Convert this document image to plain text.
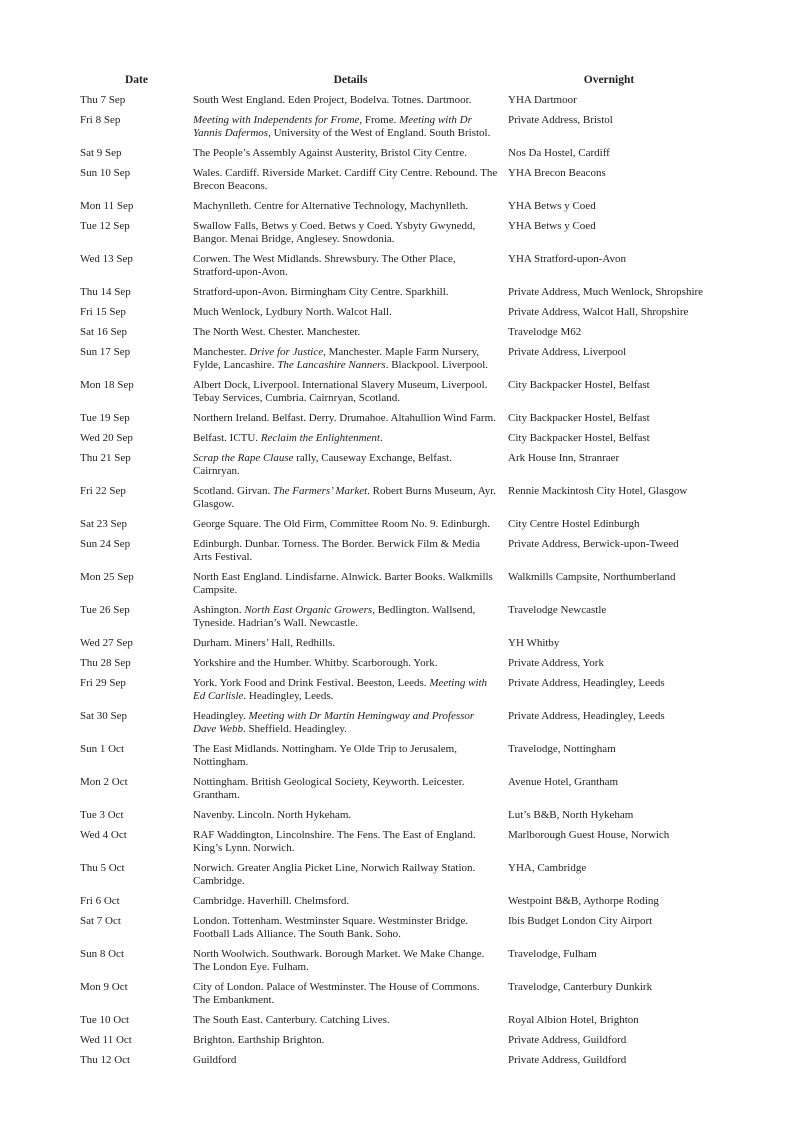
Date	Details	Overnight
Thu 7 Sep	South West England. Eden Project, Bodelva. Totnes. Dartmoor.	YHA Dartmoor
Fri 8 Sep	Meeting with Independents for Frome, Frome. Meeting with Dr Yannis Dafermos, University of the West of England. South Bristol.	Private Address, Bristol
Sat 9 Sep	The People’s Assembly Against Austerity, Bristol City Centre.	Nos Da Hostel, Cardiff
Sun 10 Sep	Wales. Cardiff. Riverside Market. Cardiff City Centre. Rebound. The Brecon Beacons.	YHA Brecon Beacons
Mon 11 Sep	Machynlleth. Centre for Alternative Technology, Machynlleth.	YHA Betws y Coed
Tue 12 Sep	Swallow Falls, Betws y Coed. Betws y Coed. Ysbyty Gwynedd, Bangor. Menai Bridge, Anglesey. Snowdonia.	YHA Betws y Coed
Wed 13 Sep	Corwen. The West Midlands. Shrewsbury. The Other Place, Stratford-upon-Avon.	YHA Stratford-upon-Avon
Thu 14 Sep	Stratford-upon-Avon. Birmingham City Centre. Sparkhill.	Private Address, Much Wenlock, Shropshire
Fri 15 Sep	Much Wenlock, Lydbury North. Walcot Hall.	Private Address, Walcot Hall, Shropshire
Sat 16 Sep	The North West. Chester. Manchester.	Travelodge M62
Sun 17 Sep	Manchester. Drive for Justice, Manchester. Maple Farm Nursery, Fylde, Lancashire. The Lancashire Nanners. Blackpool. Liverpool.	Private Address, Liverpool
Mon 18 Sep	Albert Dock, Liverpool. International Slavery Museum, Liverpool. Tebay Services, Cumbria. Cairnryan, Scotland.	City Backpacker Hostel, Belfast
Tue 19 Sep	Northern Ireland. Belfast. Derry. Drumahoe. Altahullion Wind Farm.	City Backpacker Hostel, Belfast
Wed 20 Sep	Belfast. ICTU. Reclaim the Enlightenment.	City Backpacker Hostel, Belfast
Thu 21 Sep	Scrap the Rape Clause rally, Causeway Exchange, Belfast. Cairnryan.	Ark House Inn, Stranraer
Fri 22 Sep	Scotland. Girvan. The Farmers’ Market. Robert Burns Museum, Ayr. Glasgow.	Rennie Mackintosh City Hotel, Glasgow
Sat 23 Sep	George Square. The Old Firm, Committee Room No. 9. Edinburgh.	City Centre Hostel Edinburgh
Sun 24 Sep	Edinburgh. Dunbar. Torness. The Border. Berwick Film & Media Arts Festival.	Private Address, Berwick-upon-Tweed
Mon 25 Sep	North East England. Lindisfarne. Alnwick. Barter Books. Walkmills Campsite.	Walkmills Campsite, Northumberland
Tue 26 Sep	Ashington. North East Organic Growers, Bedlington. Wallsend, Tyneside. Hadrian’s Wall. Newcastle.	Travelodge Newcastle
Wed 27 Sep	Durham. Miners’ Hall, Redhills.	YH Whitby
Thu 28 Sep	Yorkshire and the Humber. Whitby. Scarborough. York.	Private Address, York
Fri 29 Sep	York. York Food and Drink Festival. Beeston, Leeds. Meeting with Ed Carlisle. Headingley, Leeds.	Private Address, Headingley, Leeds
Sat 30 Sep	Headingley. Meeting with Dr Martin Hemingway and Professor Dave Webb. Sheffield. Headingley.	Private Address, Headingley, Leeds
Sun 1 Oct	The East Midlands. Nottingham. Ye Olde Trip to Jerusalem, Nottingham.	Travelodge, Nottingham
Mon 2 Oct	Nottingham. British Geological Society, Keyworth. Leicester. Grantham.	Avenue Hotel, Grantham
Tue 3 Oct	Navenby. Lincoln. North Hykeham.	Lut’s B&B, North Hykeham
Wed 4 Oct	RAF Waddington, Lincolnshire. The Fens. The East of England. King’s Lynn. Norwich.	Marlborough Guest House, Norwich
Thu 5 Oct	Norwich. Greater Anglia Picket Line, Norwich Railway Station. Cambridge.	YHA, Cambridge
Fri 6 Oct	Cambridge. Haverhill. Chelmsford.	Westpoint B&B, Aythorpe Roding
Sat 7 Oct	London. Tottenham. Westminster Square. Westminster Bridge. Football Lads Alliance. The South Bank. Soho.	Ibis Budget London City Airport
Sun 8 Oct	North Woolwich. Southwark. Borough Market. We Make Change. The London Eye. Fulham.	Travelodge, Fulham
Mon 9 Oct	City of London. Palace of Westminster. The House of Commons. The Embankment.	Travelodge, Canterbury Dunkirk
Tue 10 Oct	The South East. Canterbury. Catching Lives.	Royal Albion Hotel, Brighton
Wed 11 Oct	Brighton. Earthship Brighton.	Private Address, Guildford
Thu 12 Oct	Guildford	Private Address, Guildford
